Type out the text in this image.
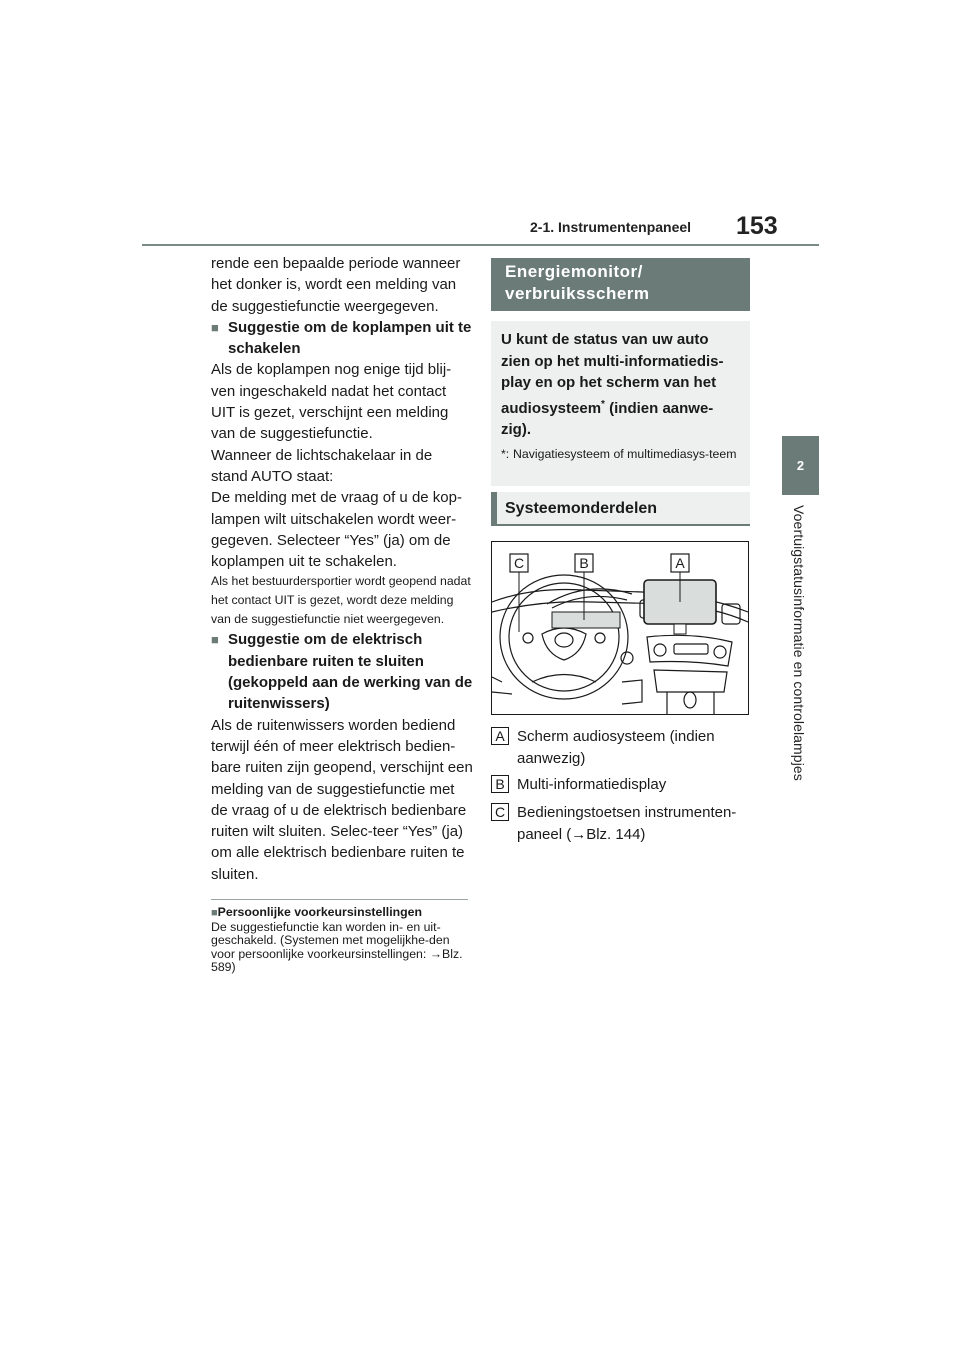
2-1. Instrumentenpaneel 153
2
Voertuigstatusinformatie en controlelampjes

rende een bepaalde periode wanneer het donker is, wordt een melding van de suggestiefunctie weergegeven.

■ Suggestie om de koplampen uit te schakelen

Als de koplampen nog enige tijd blij-ven ingeschakeld nadat het contact UIT is gezet, verschijnt een melding van de suggestiefunctie.

Wanneer de lichtschakelaar in de stand AUTO staat:

De melding met de vraag of u de kop-lampen wilt uitschakelen wordt weer-gegeven. Selecteer “Yes” (ja) om de koplampen uit te schakelen.

Als het bestuurdersportier wordt geopend nadat het contact UIT is gezet, wordt deze melding van de suggestiefunctie niet weergegeven.

■ Suggestie om de elektrisch bedienbare ruiten te sluiten (gekoppeld aan de werking van de ruitenwissers)

Als de ruitenwissers worden bediend terwijl één of meer elektrisch bedien-bare ruiten zijn geopend, verschijnt een melding van de suggestiefunctie met de vraag of u de elektrisch bedienbare ruiten wilt sluiten. Selec-teer “Yes” (ja) om alle elektrisch bedienbare ruiten te sluiten.

■Persoonlijke voorkeursinstellingen
De suggestiefunctie kan worden in- en uit-geschakeld. (Systemen met mogelijkhe-den voor persoonlijke voorkeursinstellingen: →Blz. 589)
Energiemonitor/ verbruiksscherm

U kunt de status van uw auto zien op het multi-informatiedis-play en op het scherm van het audiosysteem* (indien aanwe-zig).

*: Navigatiesysteem of multimediasys-teem
Systeemonderdelen
C	B	A
A Scherm audiosysteem (indien aanwezig)
B Multi-informatiedisplay
C Bedieningstoetsen instrumenten-paneel (→Blz. 144)
